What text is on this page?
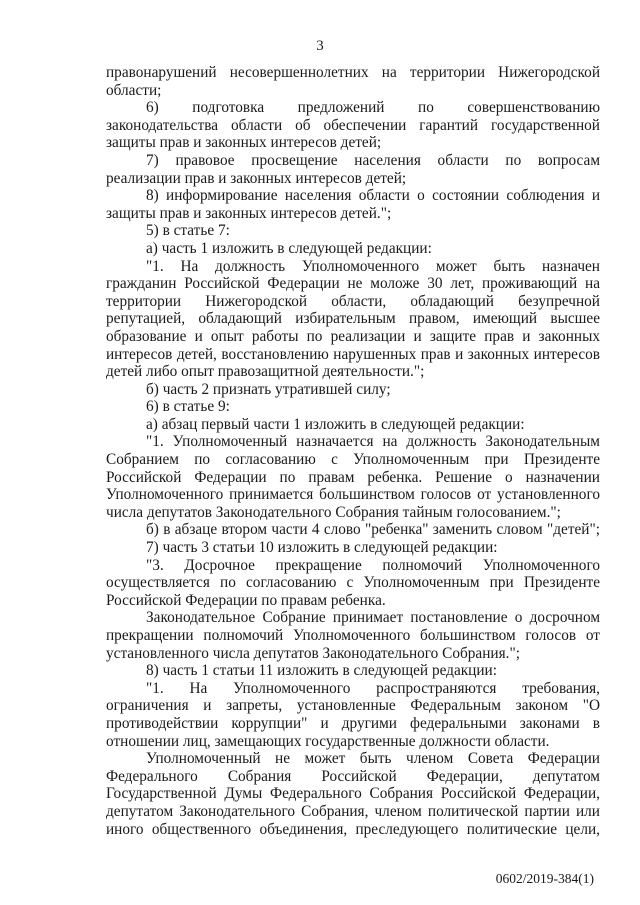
3
правонарушений несовершеннолетних на территории Нижегородской
области;
6) подготовка предложений по совершенствованию
законодательства области об обеспечении гарантий государственной
защиты прав и законных интересов детей;
7) правовое просвещение населения области по вопросам
реализации прав и законных интересов детей;
8) информирование населения области о состоянии соблюдения и
защиты прав и законных интересов детей.";
5) в статье 7:
а) часть 1 изложить в следующей редакции:
"1. На должность Уполномоченного может быть назначен
гражданин Российской Федерации не моложе 30 лет, проживающий на
территории Нижегородской области, обладающий безупречной
репутацией, обладающий избирательным правом, имеющий высшее
образование и опыт работы по реализации и защите прав и законных
интересов детей, восстановлению нарушенных прав и законных интересов
детей либо опыт правозащитной деятельности.";
б) часть 2 признать утратившей силу;
6) в статье 9:
а) абзац первый части 1 изложить в следующей редакции:
"1. Уполномоченный назначается на должность Законодательным
Собранием по согласованию с Уполномоченным при Президенте
Российской Федерации по правам ребенка. Решение о назначении
Уполномоченного принимается большинством голосов от установленного
числа депутатов Законодательного Собрания тайным голосованием.";
б) в абзаце втором части 4 слово "ребенка" заменить словом "детей";
7) часть 3 статьи 10 изложить в следующей редакции:
"3. Досрочное прекращение полномочий Уполномоченного
осуществляется по согласованию с Уполномоченным при Президенте
Российской Федерации по правам ребенка.
Законодательное Собрание принимает постановление о досрочном
прекращении полномочий Уполномоченного большинством голосов от
установленного числа депутатов Законодательного Собрания.";
8) часть 1 статьи 11 изложить в следующей редакции:
"1. На Уполномоченного распространяются требования,
ограничения и запреты, установленные Федеральным законом "О
противодействии коррупции" и другими федеральными законами в
отношении лиц, замещающих государственные должности области.
Уполномоченный не может быть членом Совета Федерации
Федерального Собрания Российской Федерации, депутатом
Государственной Думы Федерального Собрания Российской Федерации,
депутатом Законодательного Собрания, членом политической партии или
иного общественного объединения, преследующего политические цели,
0602/2019-384(1)
